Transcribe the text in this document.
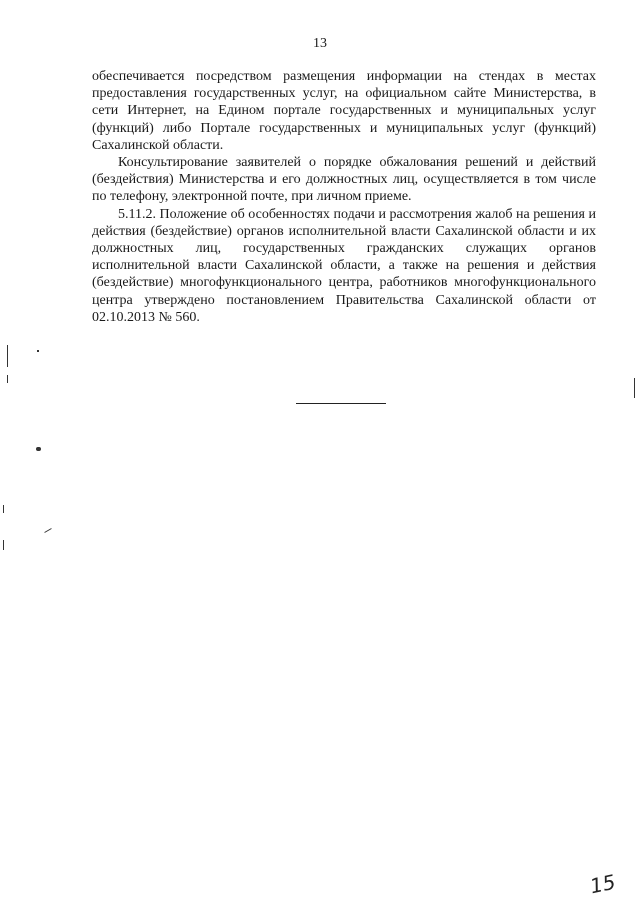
13

обеспечивается посредством размещения информации на стендах в местах предоставления государственных услуг, на официальном сайте Министерства, в сети Интернет, на Едином портале государственных и муниципальных услуг (функций) либо Портале государственных и муниципальных услуг (функций) Сахалинской области.

Консультирование заявителей о порядке обжалования решений и действий (бездействия) Министерства и его должностных лиц, осуществляется в том числе по телефону, электронной почте, при личном приеме.

5.11.2. Положение об особенностях подачи и рассмотрения жалоб на решения и действия (бездействие) органов исполнительной власти Сахалинской области и их должностных лиц, государственных гражданских служащих органов исполнительной власти Сахалинской области, а также на решения и действия (бездействие) многофункционального центра, работников многофункционального центра утверждено постановлением Правительства Сахалинской области от 02.10.2013 № 560.

15
